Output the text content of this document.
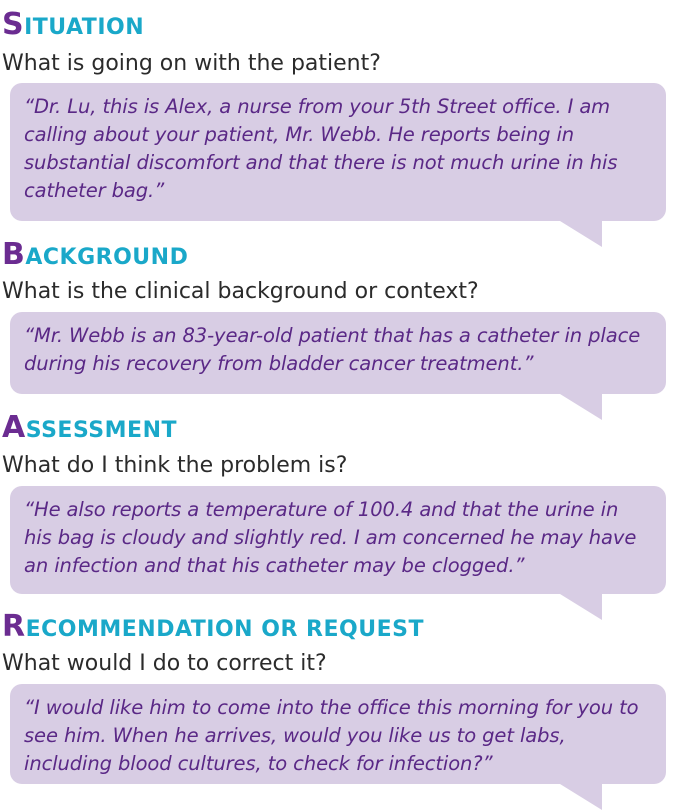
SITUATION

What is going on with the patient?

“Dr. Lu, this is Alex, a nurse from your 5th Street office. I am calling about your patient, Mr. Webb. He reports being in substantial discomfort and that there is not much urine in his catheter bag.”

BACKGROUND

What is the clinical background or context?

“Mr. Webb is an 83-year-old patient that has a catheter in place during his recovery from bladder cancer treatment.”

ASSESSMENT

What do I think the problem is?

“He also reports a temperature of 100.4 and that the urine in his bag is cloudy and slightly red. I am concerned he may have an infection and that his catheter may be clogged.”

RECOMMENDATION OR REQUEST

What would I do to correct it?

“I would like him to come into the office this morning for you to see him. When he arrives, would you like us to get labs, including blood cultures, to check for infection?”
